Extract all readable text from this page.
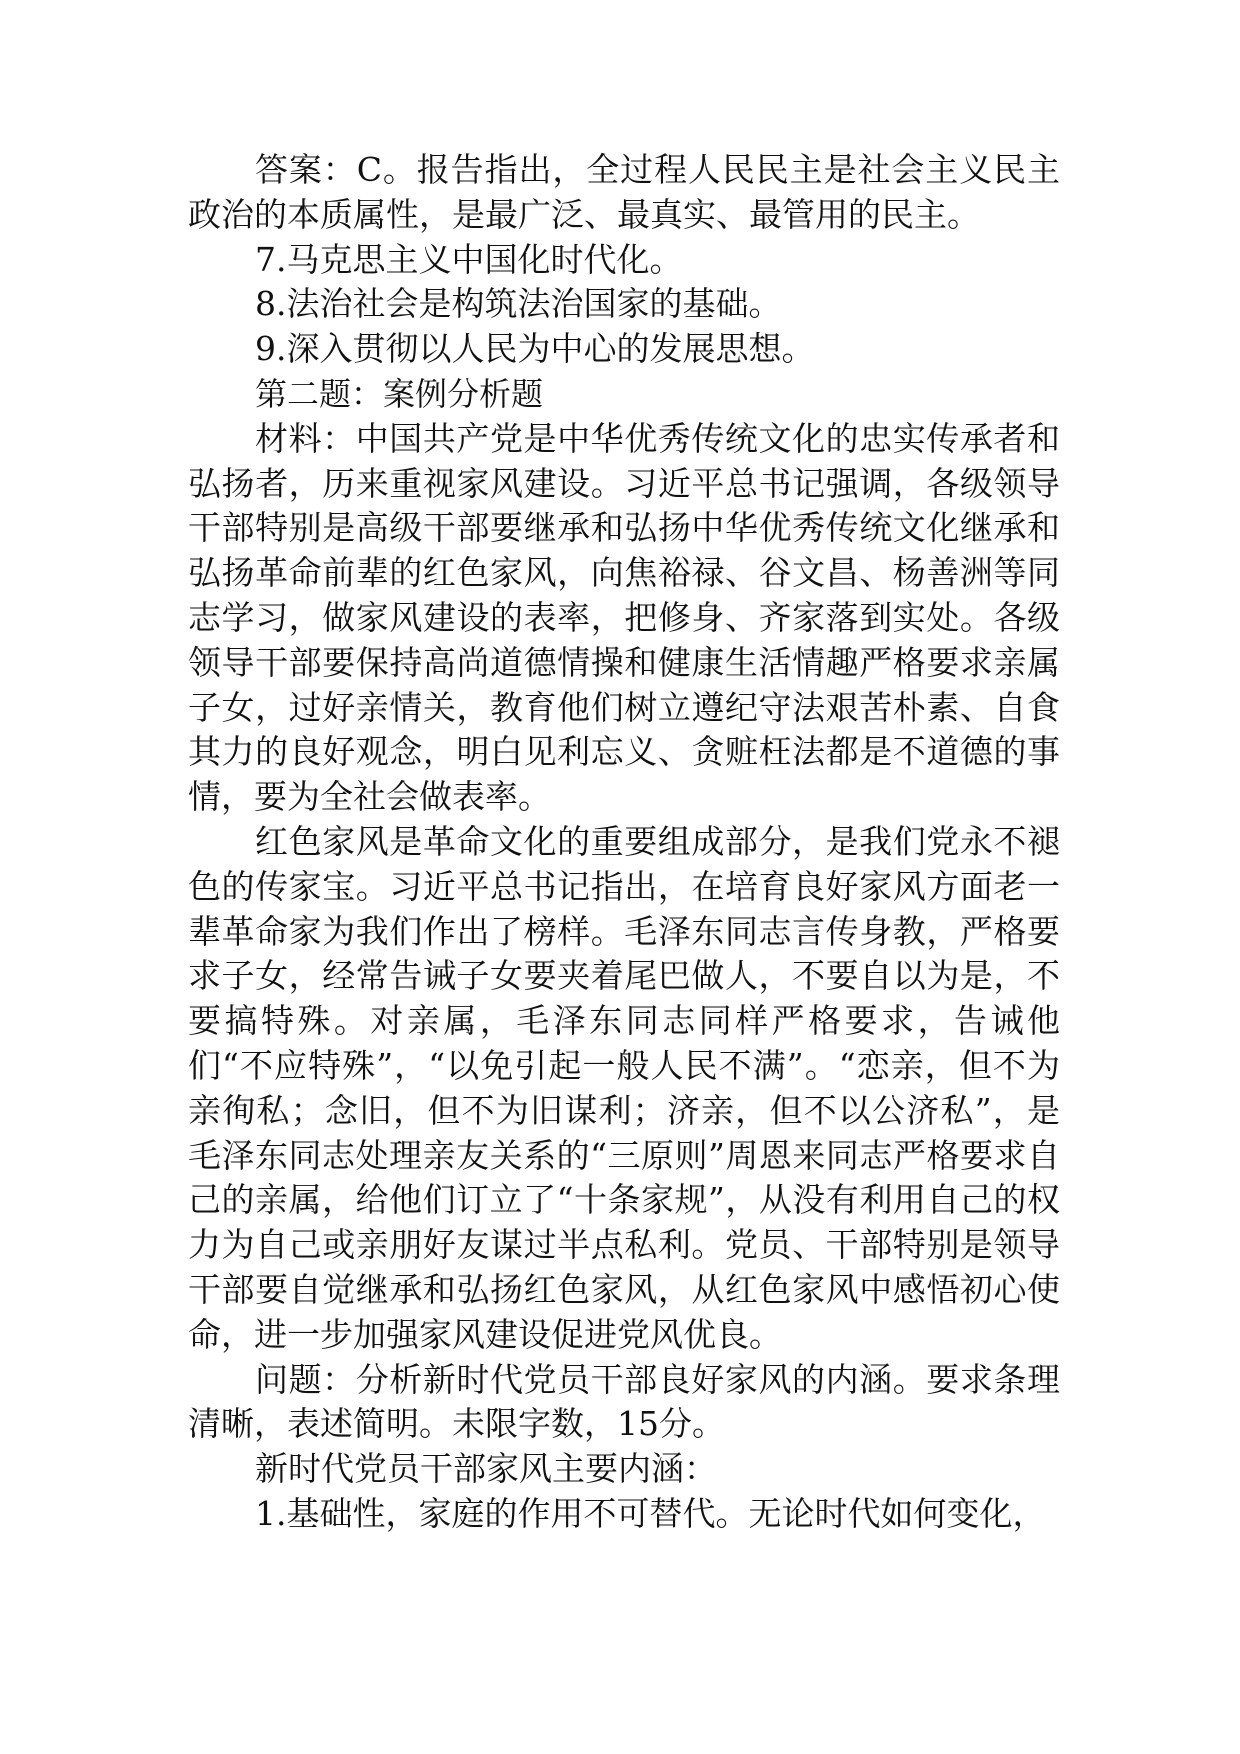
答案：C。报告指出，全过程人民民主是社会主义民主政治的本质属性，是最广泛、最真实、最管用的民主。

7.马克思主义中国化时代化。

8.法治社会是构筑法治国家的基础。

9.深入贯彻以人民为中心的发展思想。

第二题：案例分析题

材料：中国共产党是中华优秀传统文化的忠实传承者和弘扬者，历来重视家风建设。习近平总书记强调，各级领导干部特别是高级干部要继承和弘扬中华优秀传统文化继承和弘扬革命前辈的红色家风，向焦裕禄、谷文昌、杨善洲等同志学习，做家风建设的表率，把修身、齐家落到实处。各级领导干部要保持高尚道德情操和健康生活情趣严格要求亲属子女，过好亲情关，教育他们树立遵纪守法艰苦朴素、自食其力的良好观念，明白见利忘义、贪赃枉法都是不道德的事情，要为全社会做表率。

红色家风是革命文化的重要组成部分，是我们党永不褪色的传家宝。习近平总书记指出，在培育良好家风方面老一辈革命家为我们作出了榜样。毛泽东同志言传身教，严格要求子女，经常告诫子女要夹着尾巴做人，不要自以为是，不要搞特殊。对亲属，毛泽东同志同样严格要求，告诫他们“不应特殊”，“以免引起一般人民不满”。“恋亲，但不为亲徇私；念旧，但不为旧谋利；济亲，但不以公济私”，是毛泽东同志处理亲友关系的“三原则”周恩来同志严格要求自己的亲属，给他们订立了“十条家规”，从没有利用自己的权力为自己或亲朋好友谋过半点私利。党员、干部特别是领导干部要自觉继承和弘扬红色家风，从红色家风中感悟初心使命，进一步加强家风建设促进党风优良。

问题：分析新时代党员干部良好家风的内涵。要求条理清晰，表述简明。未限字数，15分。

新时代党员干部家风主要内涵：

1.基础性，家庭的作用不可替代。无论时代如何变化，
